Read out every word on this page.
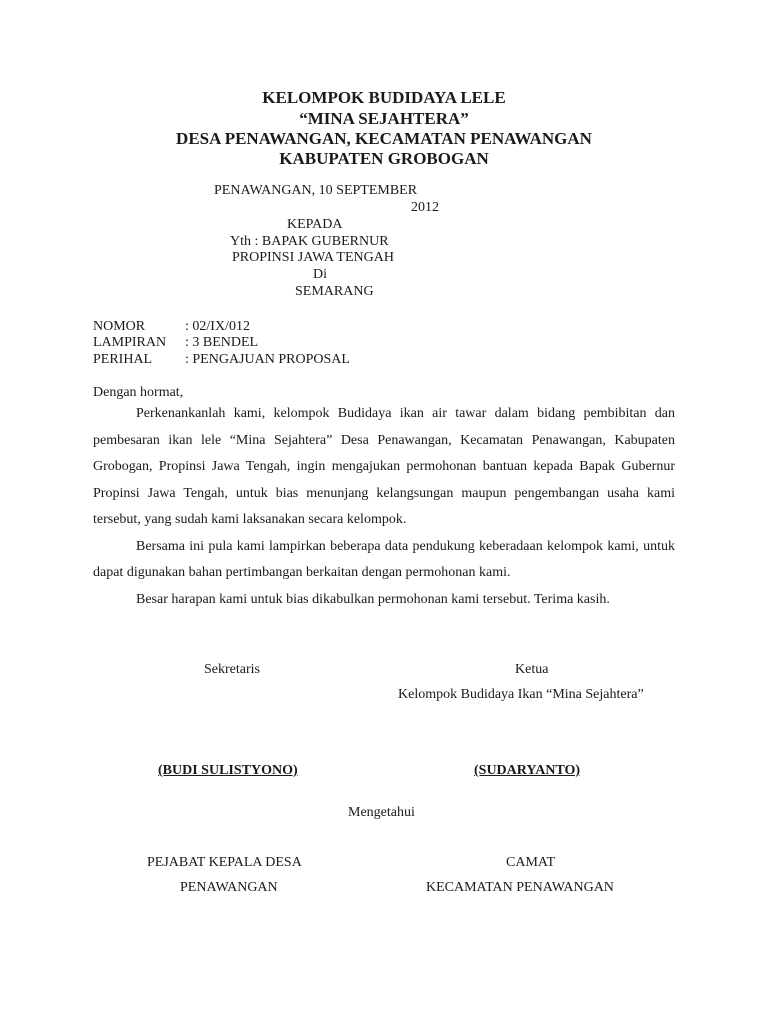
KELOMPOK BUDIDAYA LELE
“MINA SEJAHTERA”
DESA PENAWANGAN, KECAMATAN PENAWANGAN
KABUPATEN GROBOGAN
PENAWANGAN, 10 SEPTEMBER
2012
KEPADA
Yth : BAPAK GUBERNUR
PROPINSI JAWA TENGAH
Di
SEMARANG
NOMOR	: 02/IX/012
LAMPIRAN : 3 BENDEL
PERIHAL : PENGAJUAN PROPOSAL
Dengan hormat,

Perkenankanlah kami, kelompok Budidaya ikan air tawar dalam bidang pembibitan dan pembesaran ikan lele “Mina Sejahtera” Desa Penawangan, Kecamatan Penawangan, Kabupaten Grobogan, Propinsi Jawa Tengah, ingin mengajukan permohonan bantuan kepada Bapak Gubernur Propinsi Jawa Tengah, untuk bias menunjang kelangsungan maupun pengembangan usaha kami tersebut, yang sudah kami laksanakan secara kelompok.

Bersama ini pula kami lampirkan beberapa data pendukung keberadaan kelompok kami, untuk dapat digunakan bahan pertimbangan berkaitan dengan permohonan kami.

Besar harapan kami untuk bias dikabulkan permohonan kami tersebut. Terima kasih.

Sekretaris	Ketua
Kelompok Budidaya Ikan “Mina Sejahtera”
(BUDI SULISTYONO)	(SUDARYANTO)
Mengetahui
PEJABAT KEPALA DESA	CAMAT
PENAWANGAN	KECAMATAN PENAWANGAN
